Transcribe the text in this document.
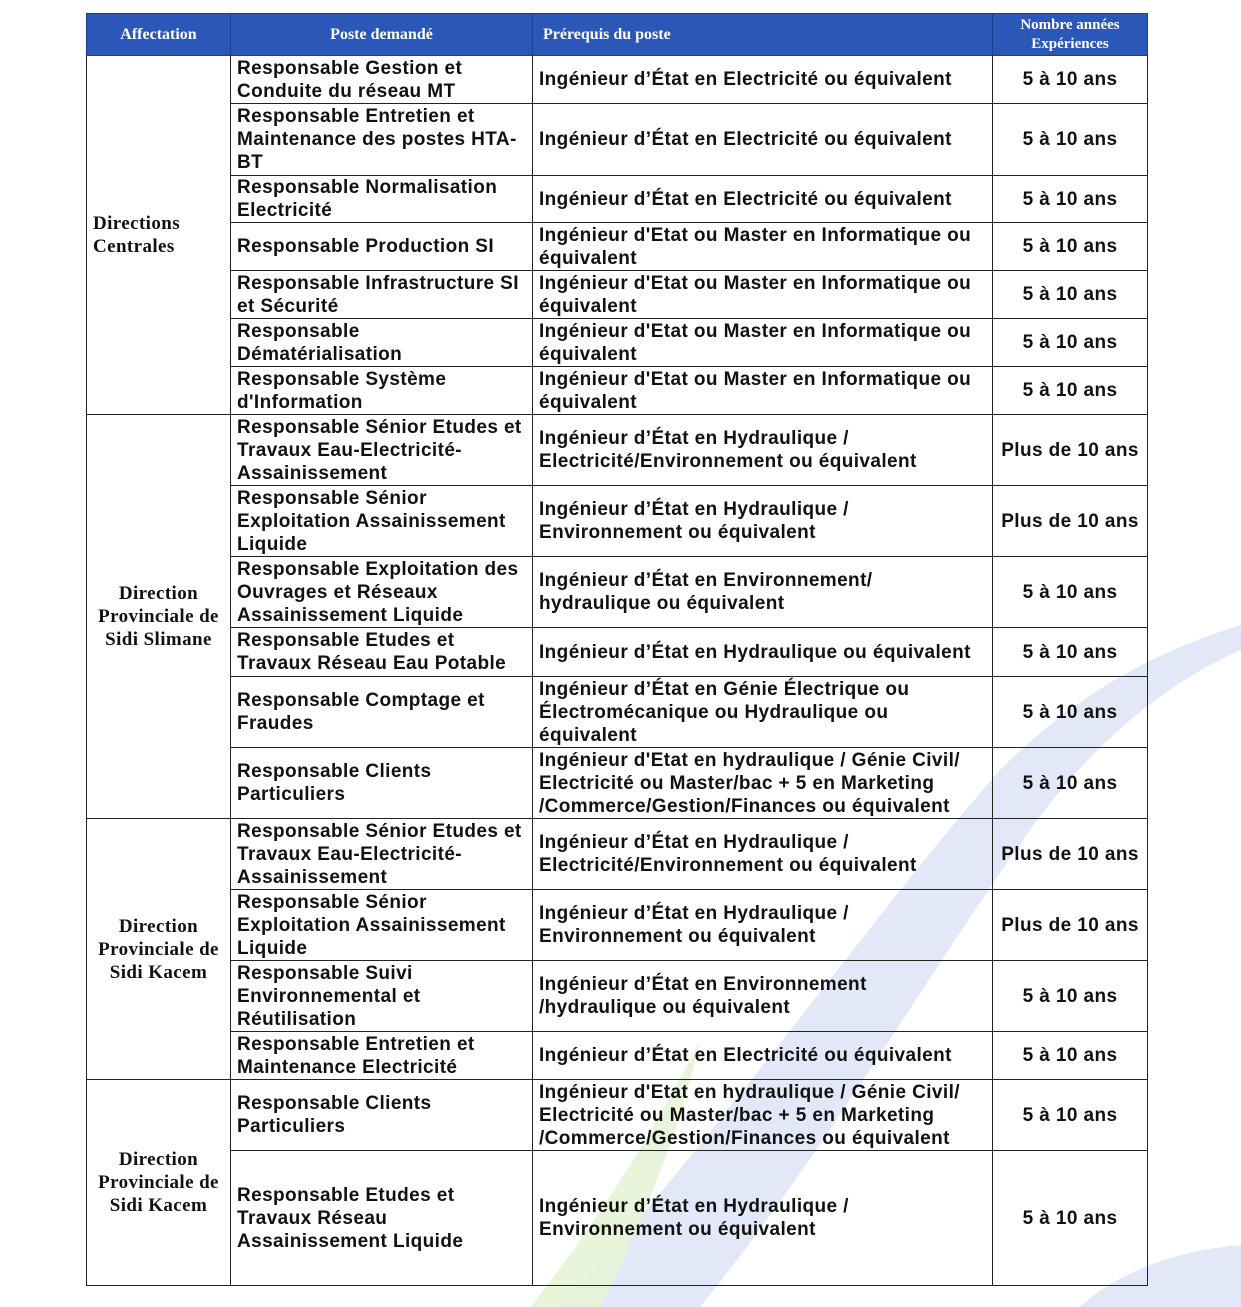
Affectation	Poste demandé	Prérequis du poste	Nombre années Expériences
Directions Centrales	Responsable Gestion et Conduite du réseau MT	Ingénieur d’État en Electricité ou équivalent	5 à 10 ans
	Responsable Entretien et Maintenance des postes HTA-BT	Ingénieur d’État en Electricité ou équivalent	5 à 10 ans
	Responsable Normalisation Electricité	Ingénieur d’État en Electricité ou équivalent	5 à 10 ans
	Responsable Production SI	Ingénieur d'Etat ou Master en Informatique ou équivalent	5 à 10 ans
	Responsable Infrastructure SI et Sécurité	Ingénieur d'Etat ou Master en Informatique ou équivalent	5 à 10 ans
	Responsable Dématérialisation	Ingénieur d'Etat ou Master en Informatique ou équivalent	5 à 10 ans
	Responsable Système d'Information	Ingénieur d'Etat ou Master en Informatique ou équivalent	5 à 10 ans
Direction Provinciale de Sidi Slimane	Responsable Sénior Etudes et Travaux Eau-Electricité-Assainissement	Ingénieur d’État en Hydraulique / Electricité/Environnement ou équivalent	Plus de 10 ans
	Responsable Sénior Exploitation Assainissement Liquide	Ingénieur d’État en Hydraulique / Environnement ou équivalent	Plus de 10 ans
	Responsable Exploitation des Ouvrages et Réseaux Assainissement Liquide	Ingénieur d’État en Environnement/ hydraulique ou équivalent	5 à 10 ans
	Responsable Etudes et Travaux Réseau Eau Potable	Ingénieur d’État en Hydraulique ou équivalent	5 à 10 ans
	Responsable Comptage et Fraudes	Ingénieur d’État en Génie Électrique ou Électromécanique ou Hydraulique ou équivalent	5 à 10 ans
	Responsable Clients Particuliers	Ingénieur d'Etat en hydraulique / Génie Civil/ Electricité ou Master/bac + 5 en Marketing /Commerce/Gestion/Finances ou équivalent	5 à 10 ans
Direction Provinciale de Sidi Kacem	Responsable Sénior Etudes et Travaux Eau-Electricité-Assainissement	Ingénieur d’État en Hydraulique / Electricité/Environnement ou équivalent	Plus de 10 ans
	Responsable Sénior Exploitation Assainissement Liquide	Ingénieur d’État en Hydraulique / Environnement ou équivalent	Plus de 10 ans
	Responsable Suivi Environnemental et Réutilisation	Ingénieur d’État en Environnement /hydraulique ou équivalent	5 à 10 ans
	Responsable Entretien et Maintenance Electricité	Ingénieur d’État en Electricité ou équivalent	5 à 10 ans
Direction Provinciale de Sidi Kacem	Responsable Clients Particuliers	Ingénieur d'Etat en hydraulique / Génie Civil/ Electricité ou Master/bac + 5 en Marketing /Commerce/Gestion/Finances ou équivalent	5 à 10 ans
	Responsable Etudes et Travaux Réseau Assainissement Liquide	Ingénieur d’État en Hydraulique / Environnement ou équivalent	5 à 10 ans
